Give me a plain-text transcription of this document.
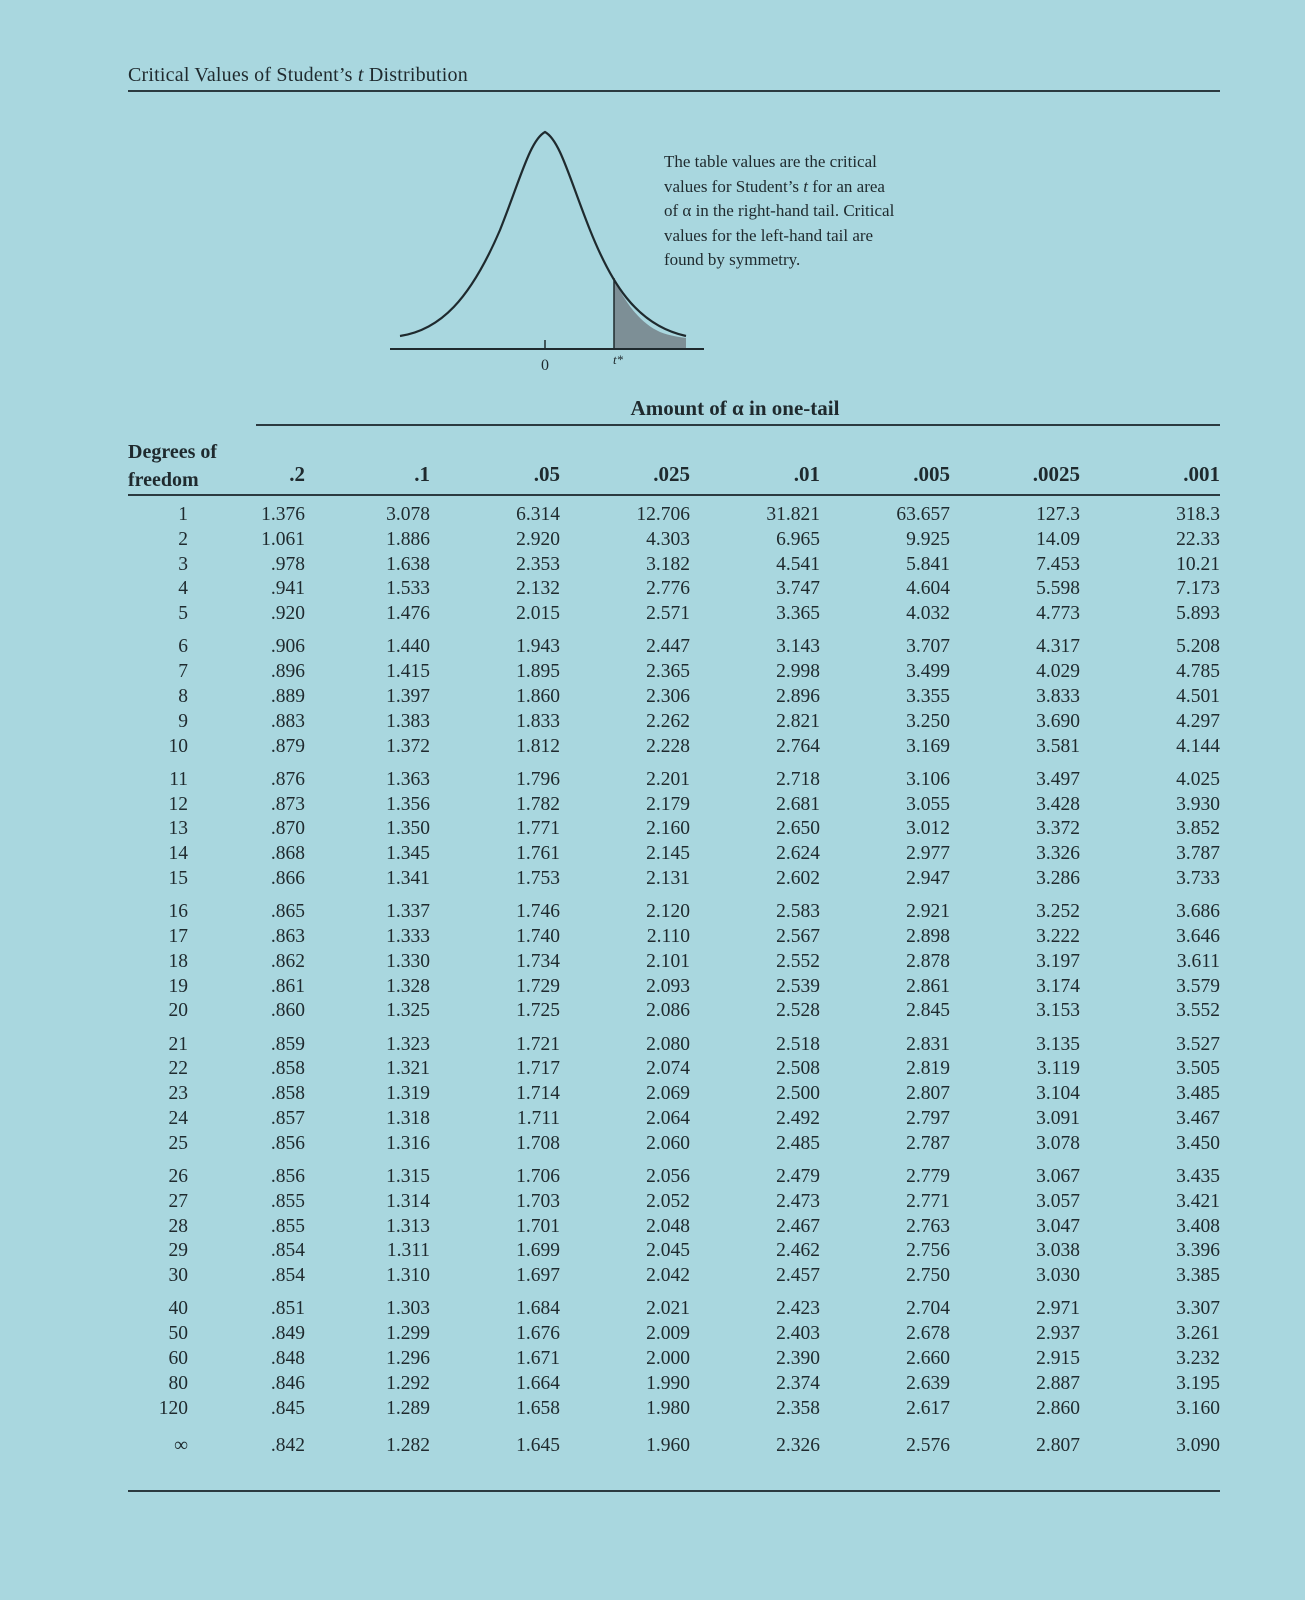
Critical Values of Student’s t Distribution
0	t*
The table values are the critical
values for Student’s t for an area
of α in the right-hand tail. Critical
values for the left-hand tail are
found by symmetry.
Amount of α in one-tail
Degrees of
freedom	.2	.1	.05	.025	.01	.005	.0025	.001
1	1.376	3.078	6.314	12.706	31.821	63.657	127.3	318.3
2	1.061	1.886	2.920	4.303	6.965	9.925	14.09	22.33
3	.978	1.638	2.353	3.182	4.541	5.841	7.453	10.21
4	.941	1.533	2.132	2.776	3.747	4.604	5.598	7.173
5	.920	1.476	2.015	2.571	3.365	4.032	4.773	5.893
6	.906	1.440	1.943	2.447	3.143	3.707	4.317	5.208
7	.896	1.415	1.895	2.365	2.998	3.499	4.029	4.785
8	.889	1.397	1.860	2.306	2.896	3.355	3.833	4.501
9	.883	1.383	1.833	2.262	2.821	3.250	3.690	4.297
10	.879	1.372	1.812	2.228	2.764	3.169	3.581	4.144
11	.876	1.363	1.796	2.201	2.718	3.106	3.497	4.025
12	.873	1.356	1.782	2.179	2.681	3.055	3.428	3.930
13	.870	1.350	1.771	2.160	2.650	3.012	3.372	3.852
14	.868	1.345	1.761	2.145	2.624	2.977	3.326	3.787
15	.866	1.341	1.753	2.131	2.602	2.947	3.286	3.733
16	.865	1.337	1.746	2.120	2.583	2.921	3.252	3.686
17	.863	1.333	1.740	2.110	2.567	2.898	3.222	3.646
18	.862	1.330	1.734	2.101	2.552	2.878	3.197	3.611
19	.861	1.328	1.729	2.093	2.539	2.861	3.174	3.579
20	.860	1.325	1.725	2.086	2.528	2.845	3.153	3.552
21	.859	1.323	1.721	2.080	2.518	2.831	3.135	3.527
22	.858	1.321	1.717	2.074	2.508	2.819	3.119	3.505
23	.858	1.319	1.714	2.069	2.500	2.807	3.104	3.485
24	.857	1.318	1.711	2.064	2.492	2.797	3.091	3.467
25	.856	1.316	1.708	2.060	2.485	2.787	3.078	3.450
26	.856	1.315	1.706	2.056	2.479	2.779	3.067	3.435
27	.855	1.314	1.703	2.052	2.473	2.771	3.057	3.421
28	.855	1.313	1.701	2.048	2.467	2.763	3.047	3.408
29	.854	1.311	1.699	2.045	2.462	2.756	3.038	3.396
30	.854	1.310	1.697	2.042	2.457	2.750	3.030	3.385
40	.851	1.303	1.684	2.021	2.423	2.704	2.971	3.307
50	.849	1.299	1.676	2.009	2.403	2.678	2.937	3.261
60	.848	1.296	1.671	2.000	2.390	2.660	2.915	3.232
80	.846	1.292	1.664	1.990	2.374	2.639	2.887	3.195
120	.845	1.289	1.658	1.980	2.358	2.617	2.860	3.160
∞	.842	1.282	1.645	1.960	2.326	2.576	2.807	3.090
